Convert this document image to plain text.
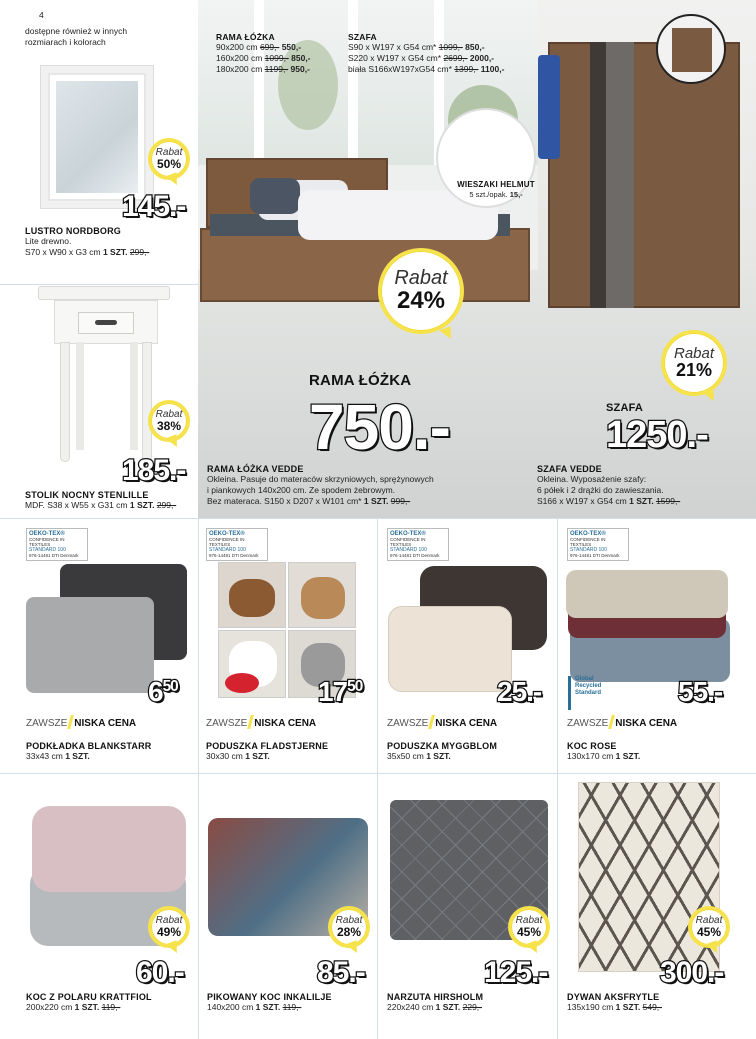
4
dostępne również w innych rozmiarach i kolorach
Rabat
50%
145.-
LUSTRO NORDBORG
Lite drewno.
S70 x W90 x G3 cm 1 SZT. 299,-
Rabat
38%
185.-
STOLIK NOCNY STENLILLE
MDF. S38 x W55 x G31 cm 1 SZT. 299,-
RAMA ŁÓŻKA
90x200 cm 699,- 550,-
160x200 cm 1099,- 850,-
180x200 cm 1199,- 950,-
SZAFA
S90 x W197 x G54 cm* 1099,- 850,-
S220 x W197 x G54 cm* 2699,- 2000,-
biała S166xW197xG54 cm* 1399,- 1100,-
WIESZAKI HELMUT
5 szt./opak. 15,-
Rabat
24%
Rabat
21%
RAMA ŁÓŻKA
750.-	SZAFA
1250.-
RAMA ŁÓŻKA VEDDE
Okleina. Pasuje do materaców skrzyniowych, sprężynowych
i piankowych 140x200 cm. Ze spodem żebrowym.
Bez materaca. S150 x D207 x W101 cm* 1 SZT. 999,-
SZAFA VEDDE
Okleina. Wyposażenie szafy:
6 półek i 2 drążki do zawieszania.
S166 x W197 x G54 cm 1 SZT. 1599,-
OEKO-TEX®
CONFIDENCE IN TEXTILES
STANDARD 100
976-14481 DTI Denmark
OEKO-TEX®
CONFIDENCE IN TEXTILES
STANDARD 100
976-14481 DTI Denmark
OEKO-TEX®
CONFIDENCE IN TEXTILES
STANDARD 100
976-14481 DTI Denmark
OEKO-TEX®
CONFIDENCE IN TEXTILES
STANDARD 100
976-14481 DTI Denmark
$6^{50}$
ZAWSZE NISKA CENA
PODKŁADKA BLANKSTARR
33x43 cm 1 SZT.
$17^{50}$
ZAWSZE NISKA CENA
PODUSZKA FLADSTJERNE
30x30 cm 1 SZT.
25.-
ZAWSZE NISKA CENA
PODUSZKA MYGGBLOM
35x50 cm 1 SZT.
Global Recycled Standard	55.-
ZAWSZE NISKA CENA
KOC ROSE
130x170 cm 1 SZT.
Rabat
49%
60.-
KOC Z POLARU KRATTFIOL
200x220 cm 1 SZT. 119,-
Rabat
28%
85.-
PIKOWANY KOC INKALILJE
140x200 cm 1 SZT. 119,-
Rabat
45%
125.-
NARZUTA HIRSHOLM
220x240 cm 1 SZT. 229,-
Rabat
45%
300.-
DYWAN AKSFRYTLE
135x190 cm 1 SZT. 549,-
